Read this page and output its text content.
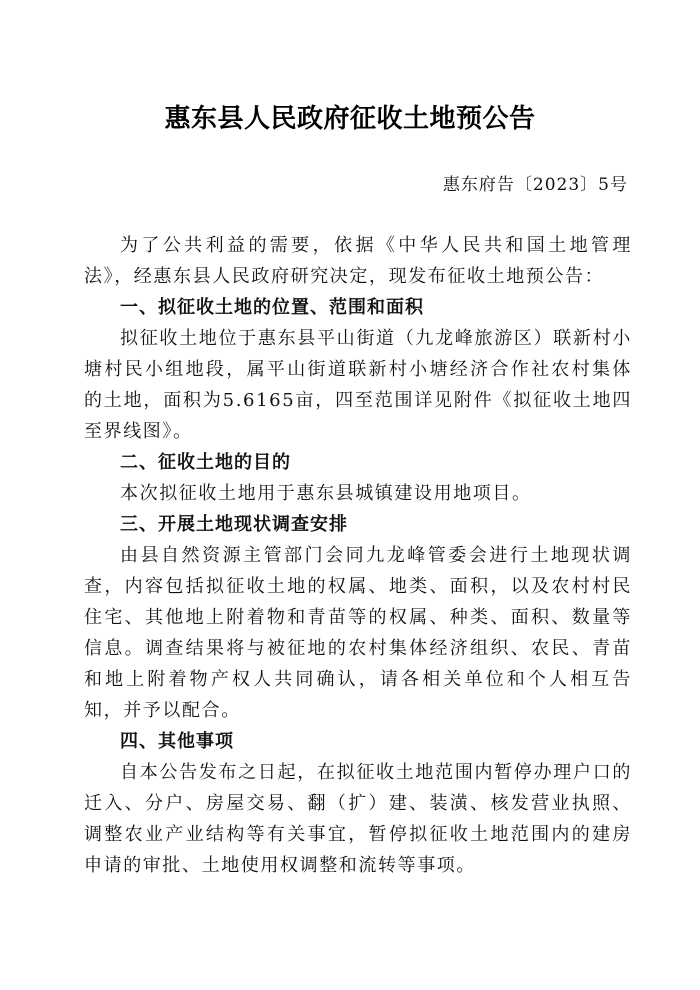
惠东县人民政府征收土地预公告
惠东府告〔2023〕5号

为了公共利益的需要，依据《中华人民共和国土地管理法》，经惠东县人民政府研究决定，现发布征收土地预公告：

一、拟征收土地的位置、范围和面积

拟征收土地位于惠东县平山街道（九龙峰旅游区）联新村小塘村民小组地段，属平山街道联新村小塘经济合作社农村集体的土地，面积为5.6165亩，四至范围详见附件《拟征收土地四至界线图》。

二、征收土地的目的

本次拟征收土地用于惠东县城镇建设用地项目。

三、开展土地现状调查安排

由县自然资源主管部门会同九龙峰管委会进行土地现状调查，内容包括拟征收土地的权属、地类、面积，以及农村村民住宅、其他地上附着物和青苗等的权属、种类、面积、数量等信息。调查结果将与被征地的农村集体经济组织、农民、青苗和地上附着物产权人共同确认，请各相关单位和个人相互告知，并予以配合。

四、其他事项

自本公告发布之日起，在拟征收土地范围内暂停办理户口的迁入、分户、房屋交易、翻（扩）建、装潢、核发营业执照、调整农业产业结构等有关事宜，暂停拟征收土地范围内的建房申请的审批、土地使用权调整和流转等事项。
